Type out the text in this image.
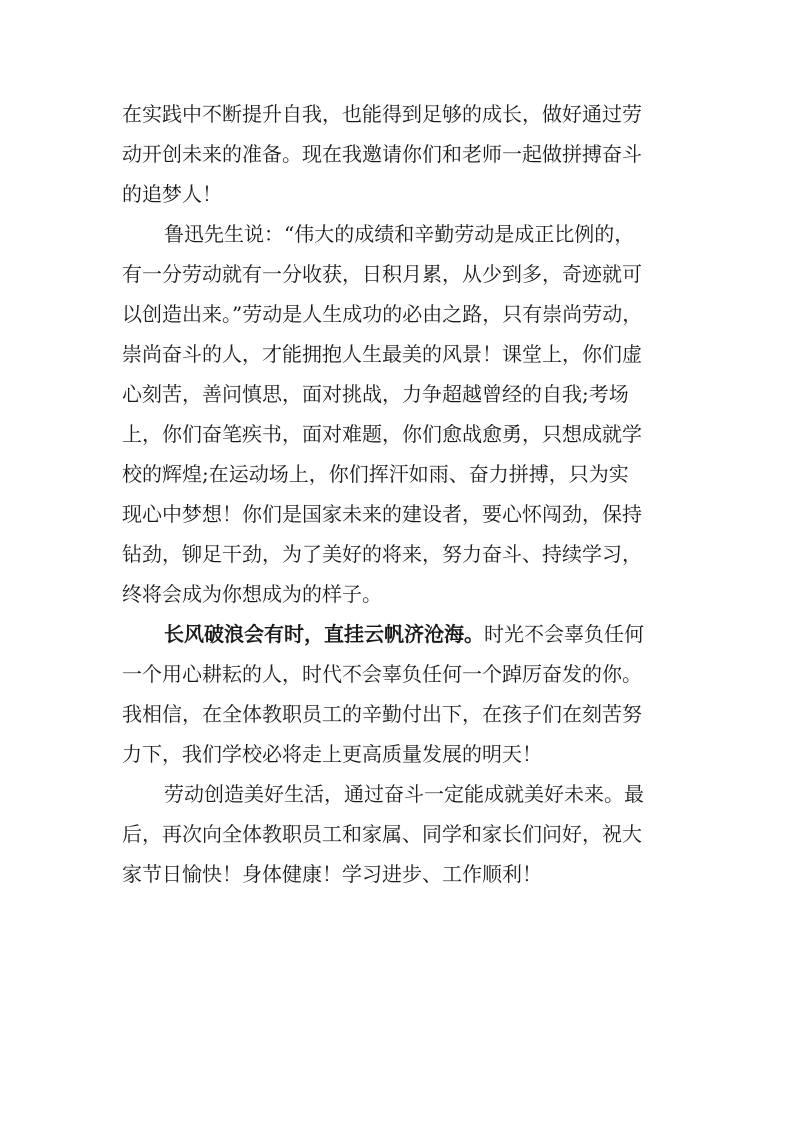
在实践中不断提升自我，也能得到足够的成长，做好通过劳
动开创未来的准备。现在我邀请你们和老师一起做拼搏奋斗
的追梦人！
鲁迅先生说：“伟大的成绩和辛勤劳动是成正比例的，
有一分劳动就有一分收获，日积月累，从少到多，奇迹就可
以创造出来。”劳动是人生成功的必由之路，只有崇尚劳动，
崇尚奋斗的人，才能拥抱人生最美的风景！课堂上，你们虚
心刻苦，善问慎思，面对挑战，力争超越曾经的自我;考场
上，你们奋笔疾书，面对难题，你们愈战愈勇，只想成就学
校的辉煌;在运动场上，你们挥汗如雨、奋力拼搏，只为实
现心中梦想！你们是国家未来的建设者，要心怀闯劲，保持
钻劲，铆足干劲，为了美好的将来，努力奋斗、持续学习，
终将会成为你想成为的样子。
长风破浪会有时，直挂云帆济沧海。时光不会辜负任何
一个用心耕耘的人，时代不会辜负任何一个踔厉奋发的你。
我相信，在全体教职员工的辛勤付出下，在孩子们在刻苦努
力下，我们学校必将走上更高质量发展的明天！
劳动创造美好生活，通过奋斗一定能成就美好未来。最
后，再次向全体教职员工和家属、同学和家长们问好，祝大
家节日愉快！身体健康！学习进步、工作顺利！
